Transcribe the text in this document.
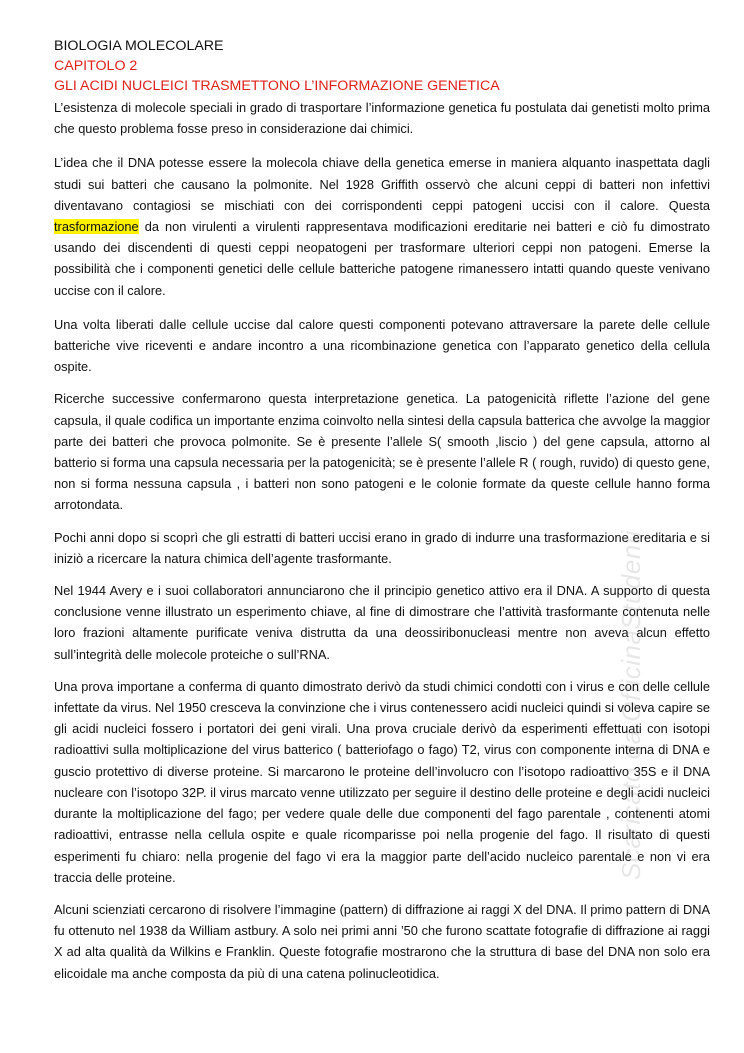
BIOLOGIA MOLECOLARE

CAPITOLO 2

GLI ACIDI NUCLEICI TRASMETTONO L’INFORMAZIONE GENETICA

L’esistenza di molecole speciali in grado di trasportare l’informazione genetica fu postulata dai genetisti molto prima che questo problema fosse preso in considerazione dai chimici.

L’idea che il DNA potesse essere la molecola chiave della genetica emerse in maniera alquanto inaspettata dagli studi sui batteri che causano la polmonite. Nel 1928 Griffith osservò che alcuni ceppi di batteri non infettivi diventavano contagiosi se mischiati con dei corrispondenti ceppi patogeni uccisi con il calore. Questa trasformazione da non virulenti a virulenti rappresentava modificazioni ereditarie nei batteri e ciò fu dimostrato usando dei discendenti di questi ceppi neopatogeni per trasformare ulteriori ceppi non patogeni. Emerse la possibilità che i componenti genetici delle cellule batteriche patogene rimanessero intatti quando queste venivano uccise con il calore.

Una volta liberati dalle cellule uccise dal calore questi componenti potevano attraversare la parete delle cellule batteriche vive riceventi e andare incontro a una ricombinazione genetica con l’apparato genetico della cellula ospite.

Ricerche successive confermarono questa interpretazione genetica. La patogenicità riflette l’azione del gene capsula, il quale codifica un importante enzima coinvolto nella sintesi della capsula batterica che avvolge la maggior parte dei batteri che provoca polmonite. Se è presente l’allele S( smooth ,liscio ) del gene capsula, attorno al batterio si forma una capsula necessaria per la patogenicità; se è presente l’allele R ( rough, ruvido) di questo gene, non si forma nessuna capsula , i batteri non sono patogeni e le colonie formate da queste cellule hanno forma arrotondata.

Pochi anni dopo si scoprì che gli estratti di batteri uccisi erano in grado di indurre una trasformazione ereditaria e si iniziò a ricercare la natura chimica dell’agente trasformante.

Nel 1944 Avery e i suoi collaboratori annunciarono che il principio genetico attivo era il DNA. A supporto di questa conclusione venne illustrato un esperimento chiave, al fine di dimostrare che l’attività trasformante contenuta nelle loro frazioni altamente purificate veniva distrutta da una deossiribonucleasi mentre non aveva alcun effetto sull’integrità delle molecole proteiche o sull’RNA.

Una prova importane a conferma di quanto dimostrato derivò da studi chimici condotti con i virus e con delle cellule infettate da virus. Nel 1950 cresceva la convinzione che i virus contenessero acidi nucleici quindi si voleva capire se gli acidi nucleici fossero i portatori dei geni virali. Una prova cruciale derivò da esperimenti effettuati con isotopi radioattivi sulla moltiplicazione del virus batterico ( batteriofago o fago) T2, virus con componente interna di DNA e guscio protettivo di diverse proteine. Si marcarono le proteine dell’involucro con l’isotopo radioattivo 35S e il DNA nucleare con l’isotopo 32P. il virus marcato venne utilizzato per seguire il destino delle proteine e degli acidi nucleici durante la moltiplicazione del fago; per vedere quale delle due componenti del fago parentale , contenenti atomi radioattivi, entrasse nella cellula ospite e quale ricomparisse poi nella progenie del fago. Il risultato di questi esperimenti fu chiaro: nella progenie del fago vi era la maggior parte dell’acido nucleico parentale e non vi era traccia delle proteine.

Alcuni scienziati cercarono di risolvere l’immagine (pattern) di diffrazione ai raggi X del DNA. Il primo pattern di DNA fu ottenuto nel 1938 da William astbury. A solo nei primi anni ’50 che furono scattate fotografie di diffrazione ai raggi X ad alta qualità da Wilkins e Franklin. Queste fotografie mostrarono che la struttura di base del DNA non solo era elicoidale ma anche composta da più di una catena polinucleotidica.

Scaricato da OfficinaStudenti
